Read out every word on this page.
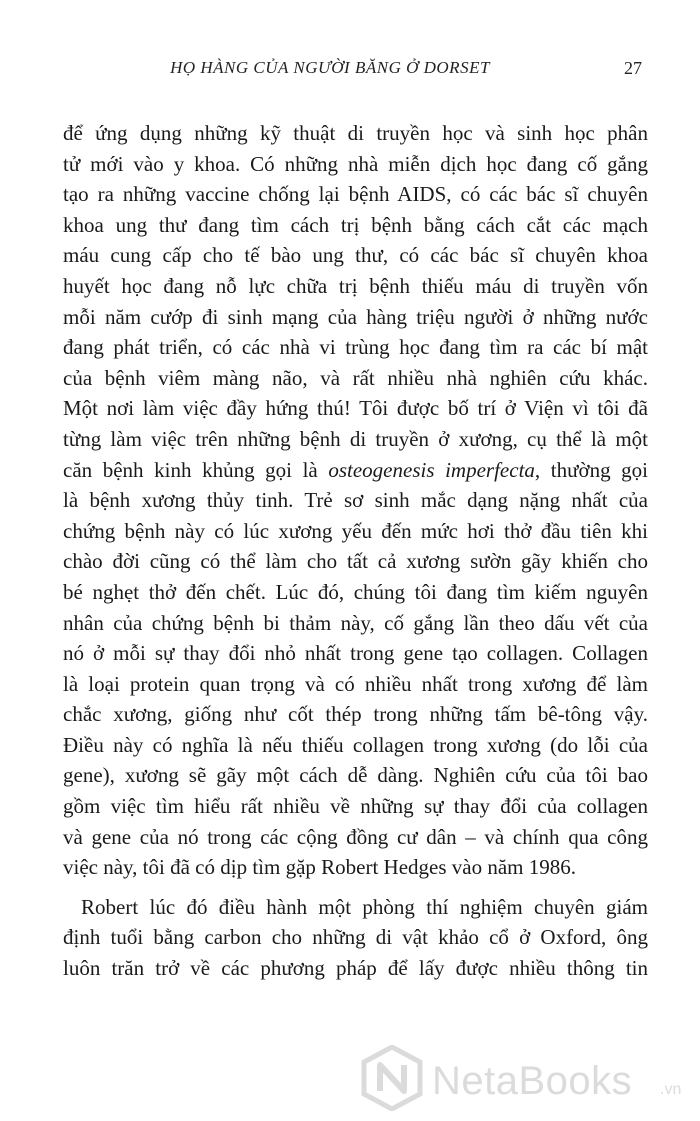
HỌ HÀNG CỦA NGƯỜI BĂNG Ở DORSET	27
để ứng dụng những kỹ thuật di truyền học và sinh học phân
tử mới vào y khoa. Có những nhà miễn dịch học đang cố gắng
tạo ra những vaccine chống lại bệnh AIDS, có các bác sĩ chuyên
khoa ung thư đang tìm cách trị bệnh bằng cách cắt các mạch
máu cung cấp cho tế bào ung thư, có các bác sĩ chuyên khoa
huyết học đang nỗ lực chữa trị bệnh thiếu máu di truyền vốn
mỗi năm cướp đi sinh mạng của hàng triệu người ở những nước
đang phát triển, có các nhà vi trùng học đang tìm ra các bí mật
của bệnh viêm màng não, và rất nhiều nhà nghiên cứu khác.
Một nơi làm việc đầy hứng thú! Tôi được bố trí ở Viện vì tôi đã
từng làm việc trên những bệnh di truyền ở xương, cụ thể là một
căn bệnh kinh khủng gọi là osteogenesis imperfecta, thường gọi
là bệnh xương thủy tinh. Trẻ sơ sinh mắc dạng nặng nhất của
chứng bệnh này có lúc xương yếu đến mức hơi thở đầu tiên khi
chào đời cũng có thể làm cho tất cả xương sườn gãy khiến cho
bé nghẹt thở đến chết. Lúc đó, chúng tôi đang tìm kiếm nguyên
nhân của chứng bệnh bi thảm này, cố gắng lần theo dấu vết của
nó ở mỗi sự thay đổi nhỏ nhất trong gene tạo collagen. Collagen
là loại protein quan trọng và có nhiều nhất trong xương để làm
chắc xương, giống như cốt thép trong những tấm bê-tông vậy.
Điều này có nghĩa là nếu thiếu collagen trong xương (do lỗi của
gene), xương sẽ gãy một cách dễ dàng. Nghiên cứu của tôi bao
gồm việc tìm hiểu rất nhiều về những sự thay đổi của collagen
và gene của nó trong các cộng đồng cư dân – và chính qua công
việc này, tôi đã có dịp tìm gặp Robert Hedges vào năm 1986.
Robert lúc đó điều hành một phòng thí nghiệm chuyên giám
định tuổi bằng carbon cho những di vật khảo cổ ở Oxford, ông
luôn trăn trở về các phương pháp để lấy được nhiều thông tin
NetaBooks .vn
